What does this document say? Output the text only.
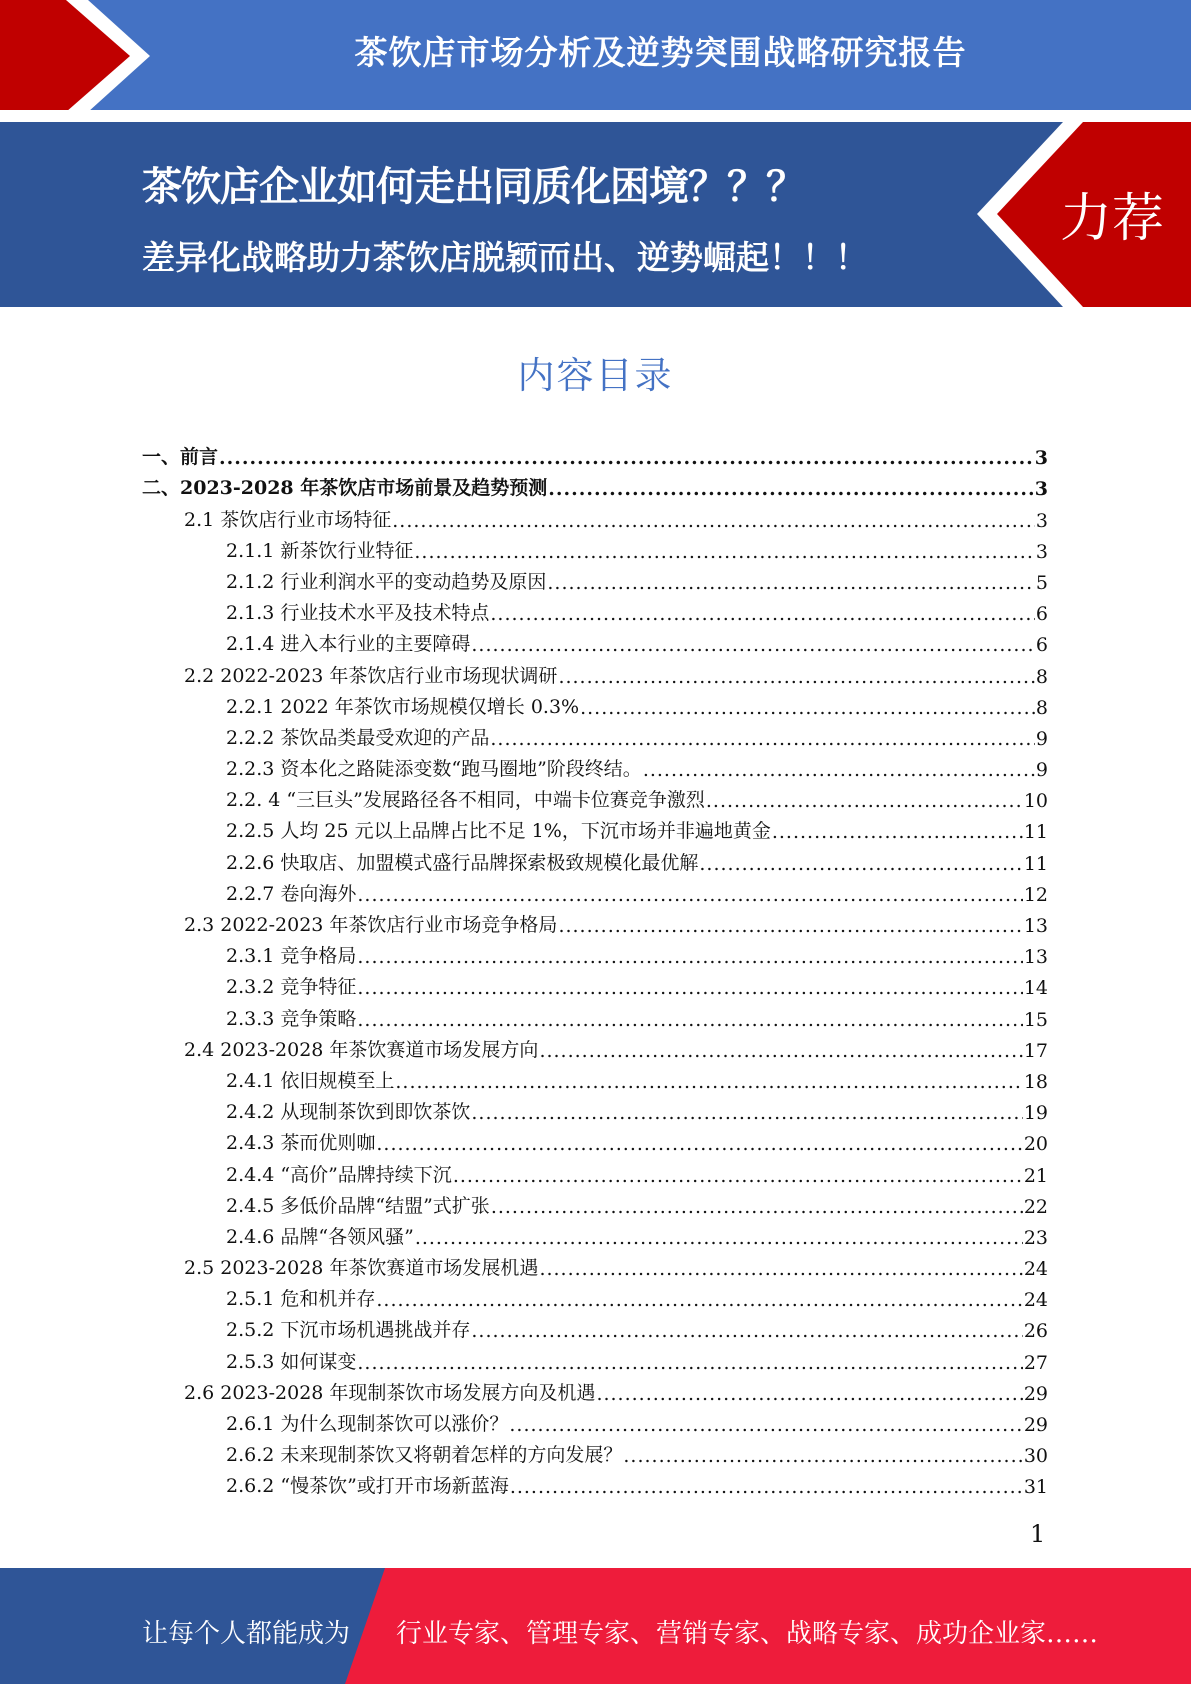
茶饮店市场分析及逆势突围战略研究报告
茶饮店企业如何走出同质化困境？？？
差异化战略助力茶饮店脱颖而出、逆势崛起！！！
力荐
内容目录
一、前言 .....	3
二、2023-2028 年茶饮店市场前景及趋势预测 .....	3
2.1 茶饮店行业市场特征 .....	3
2.1.1 新茶饮行业特征 .....	3
2.1.2 行业利润水平的变动趋势及原因 .....	5
2.1.3 行业技术水平及技术特点 .....	6
2.1.4 进入本行业的主要障碍 .....	6
2.2 2022-2023 年茶饮店行业市场现状调研 .....	8
2.2.1 2022 年茶饮市场规模仅增长 0.3% .....	8
2.2.2 茶饮品类最受欢迎的产品 .....	9
2.2.3 资本化之路陡添变数“跑马圈地”阶段终结。 .....	9
2.2. 4 “三巨头”发展路径各不相同，中端卡位赛竞争激烈 .....	10
2.2.5 人均 25 元以上品牌占比不足 1%，下沉市场并非遍地黄金 .....	11
2.2.6 快取店、加盟模式盛行品牌探索极致规模化最优解 .....	11
2.2.7 卷向海外 .....	12
2.3 2022-2023 年茶饮店行业市场竞争格局 .....	13
2.3.1 竞争格局 .....	13
2.3.2 竞争特征 .....	14
2.3.3 竞争策略 .....	15
2.4 2023-2028 年茶饮赛道市场发展方向 .....	17
2.4.1 依旧规模至上 .....	18
2.4.2 从现制茶饮到即饮茶饮 .....	19
2.4.3 茶而优则咖 .....	20
2.4.4 “高价”品牌持续下沉 .....	21
2.4.5 多低价品牌“结盟”式扩张 .....	22
2.4.6 品牌“各领风骚” .....	23
2.5 2023-2028 年茶饮赛道市场发展机遇 .....	24
2.5.1 危和机并存 .....	24
2.5.2 下沉市场机遇挑战并存 .....	26
2.5.3 如何谋变 .....	27
2.6 2023-2028 年现制茶饮市场发展方向及机遇 .....	29
2.6.1 为什么现制茶饮可以涨价？ .....	29
2.6.2 未来现制茶饮又将朝着怎样的方向发展？ .....	30
2.6.2 “慢茶饮”或打开市场新蓝海 .....	31
1
让每个人都能成为 行业专家、管理专家、营销专家、战略专家、成功企业家……
